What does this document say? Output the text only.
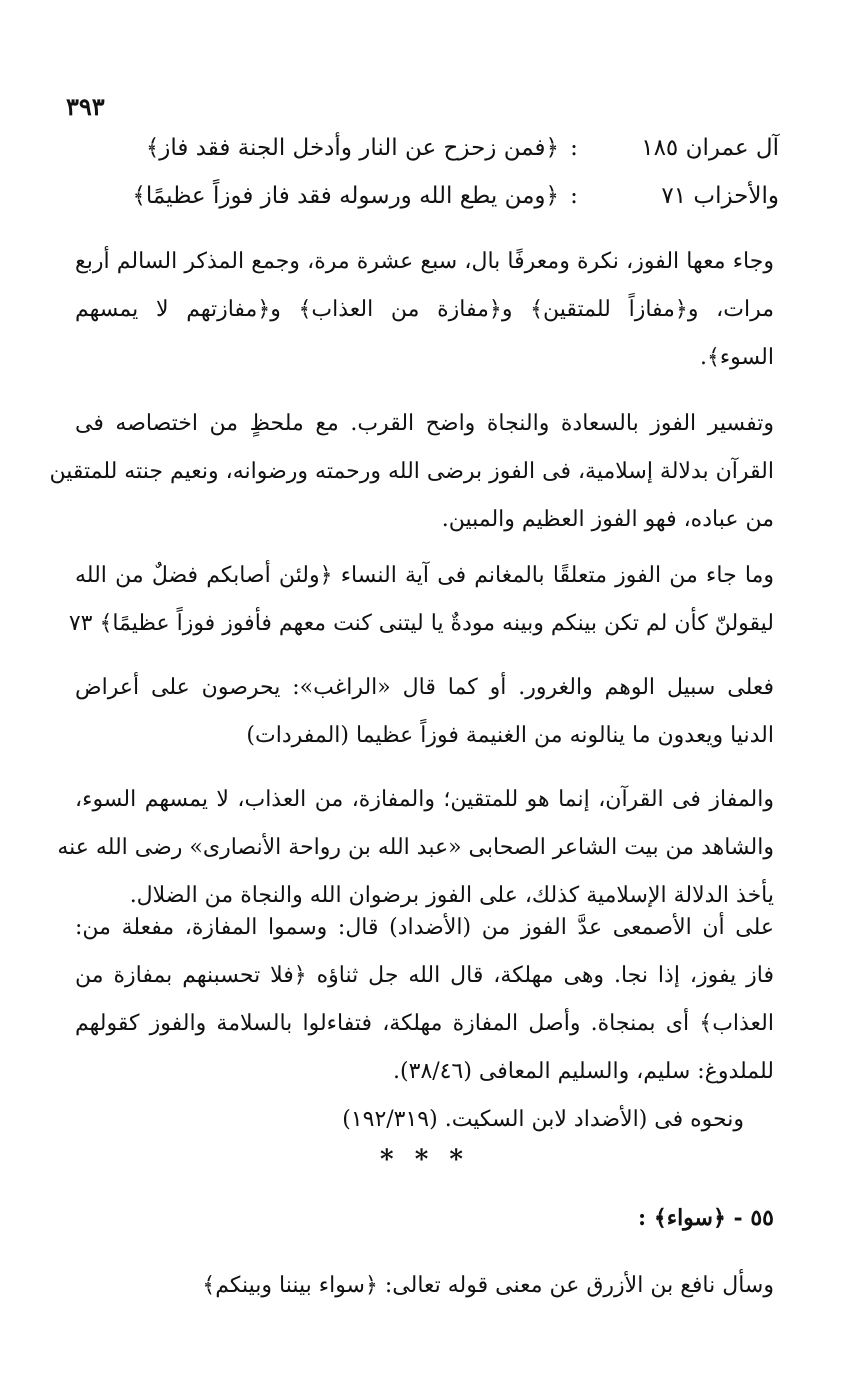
٣٩٣
آل عمران ١٨٥
:
﴿فمن زحزح عن النار وأدخل الجنة فقد فاز﴾
والأحزاب ٧١
:
﴿ومن يطع الله ورسوله فقد فاز فوزاً عظيمًا﴾
وجاء معها الفوز، نكرة ومعرفًا بال، سبع عشرة مرة، وجمع المذكر السالم أربع
مرات، و﴿مفازاً للمتقين﴾ و﴿مفازة من العذاب﴾ و﴿مفازتهم لا يمسهم
السوء﴾.
وتفسير الفوز بالسعادة والنجاة واضح القرب. مع ملحظٍ من اختصاصه فى
القرآن بدلالة إسلامية، فى الفوز برضى الله ورحمته ورضوانه، ونعيم جنته للمتقين
من عباده، فهو الفوز العظيم والمبين.
وما جاء من الفوز متعلقًا بالمغانم فى آية النساء ﴿ولئن أصابكم فضلٌ من الله
ليقولنّ كأن لم تكن بينكم وبينه مودةٌ يا ليتنى كنت معهم فأفوز فوزاً عظيمًا﴾ ٧٣
فعلى سبيل الوهم والغرور. أو كما قال «الراغب»: يحرصون على أعراض
الدنيا ويعدون ما ينالونه من الغنيمة فوزاً عظيما (المفردات)
والمفاز فى القرآن، إنما هو للمتقين؛ والمفازة، من العذاب، لا يمسهم السوء،
والشاهد من بيت الشاعر الصحابى «عبد الله بن رواحة الأنصارى» رضى الله عنه
يأخذ الدلالة الإسلامية كذلك، على الفوز برضوان الله والنجاة من الضلال.
على أن الأصمعى عدَّ الفوز من (الأضداد) قال: وسموا المفازة، مفعلة من:
فاز يفوز، إذا نجا. وهى مهلكة، قال الله جل ثناؤه ﴿فلا تحسبنهم بمفازة من
العذاب﴾ أى بمنجاة. وأصل المفازة مهلكة، فتفاءلوا بالسلامة والفوز كقولهم
للملدوغ: سليم، والسليم المعافى (٣٨/٤٦).
ونحوه فى (الأضداد لابن السكيت. (١٩٢/٣١٩)
* * *
٥٥ - ﴿سواء﴾ :
وسأل نافع بن الأزرق عن معنى قوله تعالى: ﴿سواء بيننا وبينكم﴾
